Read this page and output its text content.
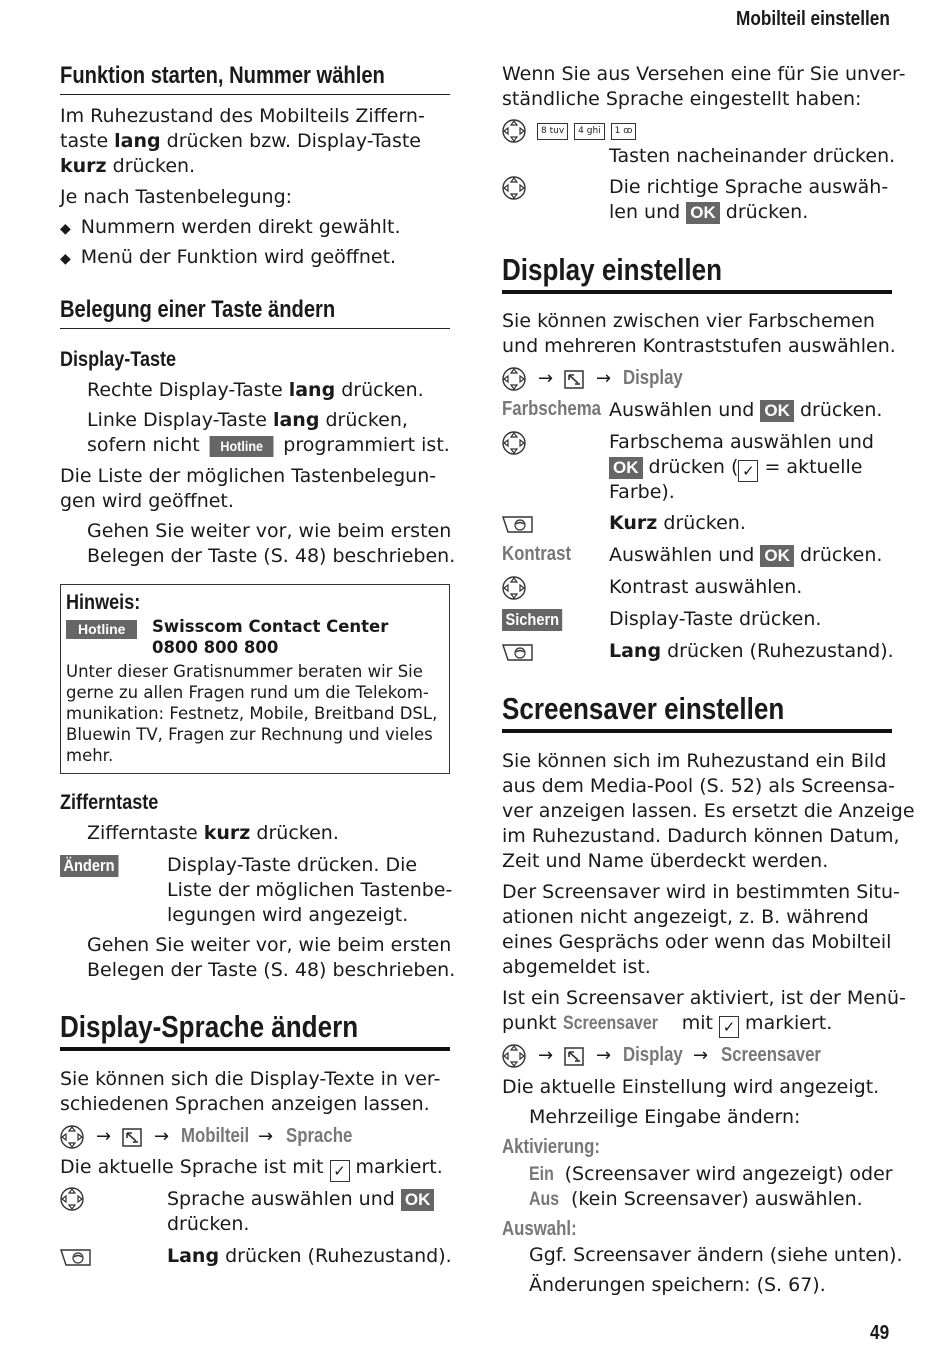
Mobilteil einstellen
49
Funktion starten, Nummer wählen
Im Ruhezustand des Mobilteils Ziffern-
taste lang drücken bzw. Display-Taste
kurz drücken.
Je nach Tastenbelegung:
◆ Nummern werden direkt gewählt.
◆ Menü der Funktion wird geöffnet.
Belegung einer Taste ändern
Display-Taste
Rechte Display-Taste lang drücken.
Linke Display-Taste lang drücken,
sofern nicht Hotline programmiert ist.
Die Liste der möglichen Tastenbelegun-
gen wird geöffnet.
Gehen Sie weiter vor, wie beim ersten
Belegen der Taste (S. 48) beschrieben.
Hinweis:
Hotline	Swisscom Contact Center
0800 800 800
Unter dieser Gratisnummer beraten wir Sie
gerne zu allen Fragen rund um die Telekom-
munikation: Festnetz, Mobile, Breitband DSL,
Bluewin TV, Fragen zur Rechnung und vieles
mehr.
Zifferntaste
Zifferntaste kurz drücken.
Ändern	Display-Taste drücken. Die
Liste der möglichen Tastenbe-
legungen wird angezeigt.
Gehen Sie weiter vor, wie beim ersten
Belegen der Taste (S. 48) beschrieben.
Display-Sprache ändern
Sie können sich die Display-Texte in ver-
schiedenen Sprachen anzeigen lassen.
→ → Mobilteil → Sprache
Die aktuelle Sprache ist mit ✓ markiert.
Sprache auswählen und OK
drücken.
Lang drücken (Ruhezustand).
Wenn Sie aus Versehen eine für Sie unver-
ständliche Sprache eingestellt haben:
8 tuv 4 ghi 1 ꝏ
Tasten nacheinander drücken.
Die richtige Sprache auswäh-
len und OK drücken.
Display einstellen
Sie können zwischen vier Farbschemen
und mehreren Kontraststufen auswählen.
→ → Display
Farbschema Auswählen und OK drücken.
Farbschema auswählen und
OK drücken ( ✓ = aktuelle
Farbe).
Kurz drücken.
Kontrast Auswählen und OK drücken.
Kontrast auswählen.
Sichern	Display-Taste drücken.
Lang drücken (Ruhezustand).
Screensaver einstellen
Sie können sich im Ruhezustand ein Bild
aus dem Media-Pool (S. 52) als Screensa-
ver anzeigen lassen. Es ersetzt die Anzeige
im Ruhezustand. Dadurch können Datum,
Zeit und Name überdeckt werden.
Der Screensaver wird in bestimmten Situ-
ationen nicht angezeigt, z. B. während
eines Gesprächs oder wenn das Mobilteil
abgemeldet ist.
Ist ein Screensaver aktiviert, ist der Menü-
punkt Screensaver mit ✓ markiert.
→ → Display → Screensaver
Die aktuelle Einstellung wird angezeigt.
Mehrzeilige Eingabe ändern:
Aktivierung:
Ein (Screensaver wird angezeigt) oder
Aus (kein Screensaver) auswählen.
Auswahl:
Ggf. Screensaver ändern (siehe unten).
Änderungen speichern: (S. 67).
